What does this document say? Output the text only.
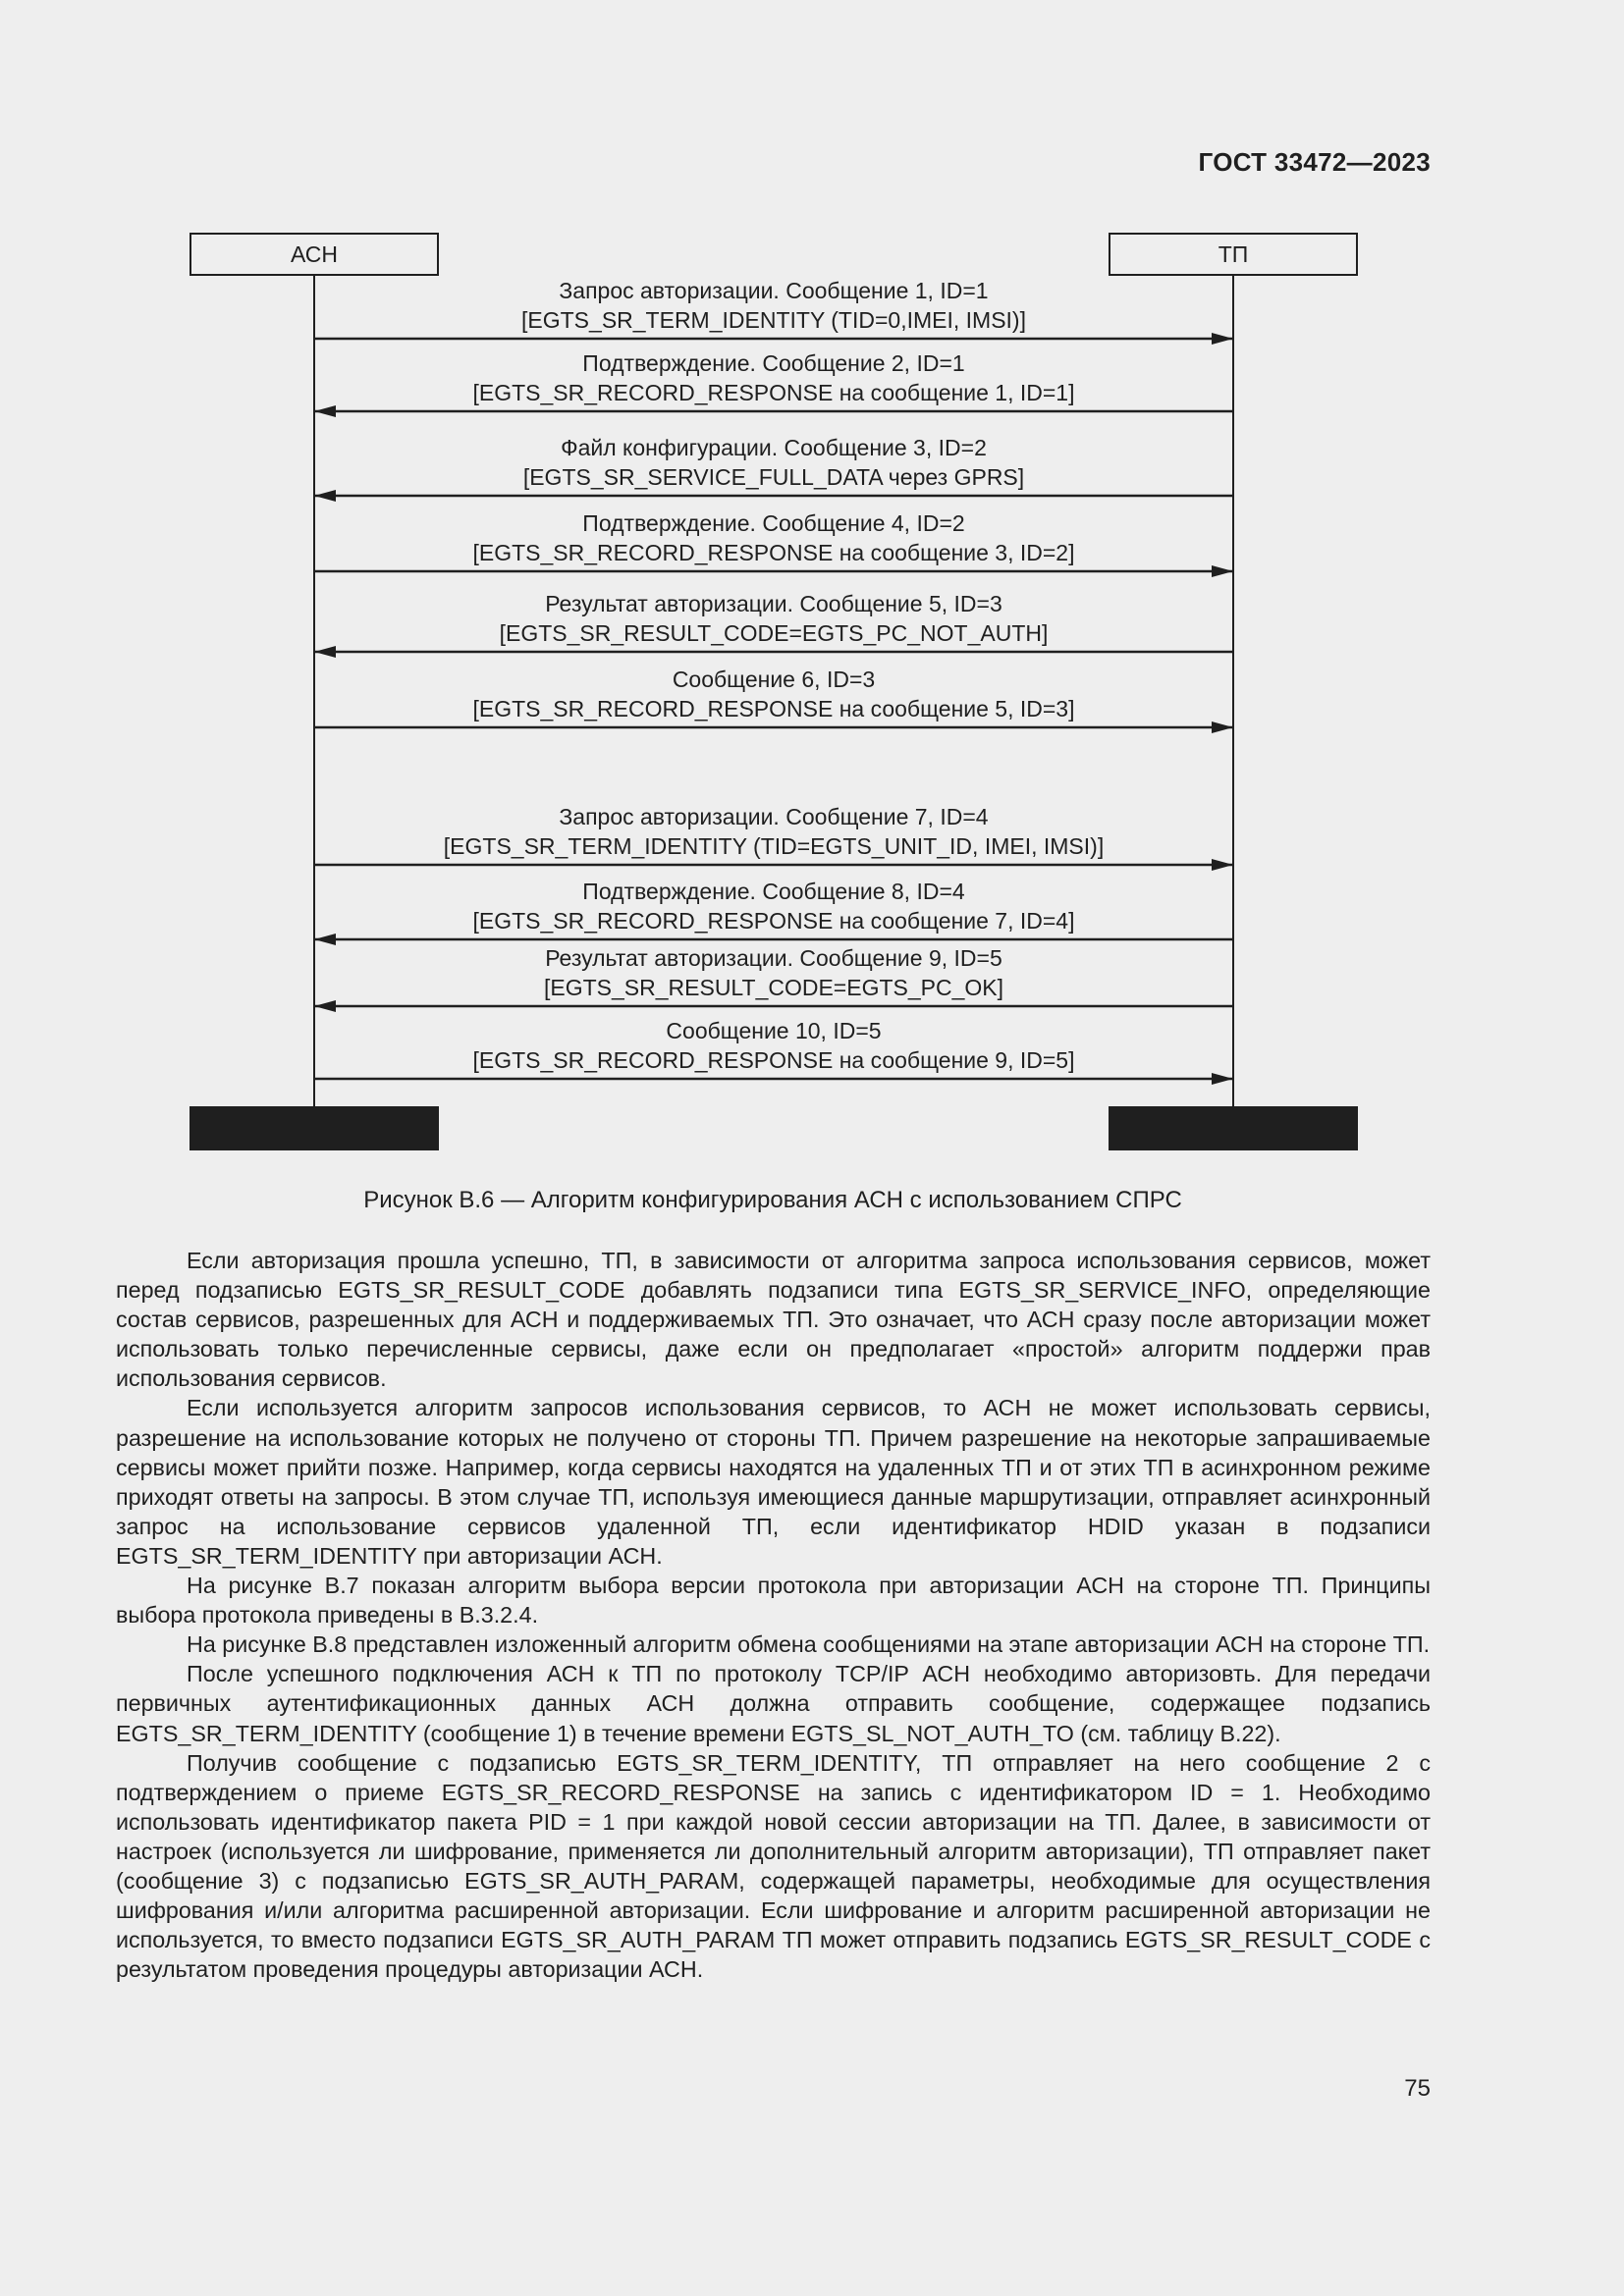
ГОСТ 33472—2023
АСН	ТП
Запрос авторизации. Сообщение 1, ID=1
[EGTS_SR_TERM_IDENTITY (TID=0,IMEI, IMSI)]
Подтверждение. Сообщение 2, ID=1
[EGTS_SR_RECORD_RESPONSE на сообщение 1, ID=1]
Файл конфигурации. Сообщение 3, ID=2
[EGTS_SR_SERVICE_FULL_DATA через GPRS]
Подтверждение. Сообщение 4, ID=2
[EGTS_SR_RECORD_RESPONSE на сообщение 3, ID=2]
Результат авторизации. Сообщение 5, ID=3
[EGTS_SR_RESULT_CODE=EGTS_PC_NOT_AUTH]
Сообщение 6, ID=3
[EGTS_SR_RECORD_RESPONSE на сообщение 5, ID=3]
Запрос авторизации. Сообщение 7, ID=4
[EGTS_SR_TERM_IDENTITY (TID=EGTS_UNIT_ID, IMEI, IMSI)]
Подтверждение. Сообщение 8, ID=4
[EGTS_SR_RECORD_RESPONSE на сообщение 7, ID=4]
Результат авторизации. Сообщение 9, ID=5
[EGTS_SR_RESULT_CODE=EGTS_PC_OK]
Сообщение 10, ID=5
[EGTS_SR_RECORD_RESPONSE на сообщение 9, ID=5]
Рисунок В.6 — Алгоритм конфигурирования АСН с использованием СПРС

Если авторизация прошла успешно, ТП, в зависимости от алгоритма запроса использования сервисов, может перед подзаписью EGTS_SR_RESULT_CODE добавлять подзаписи типа EGTS_SR_SERVICE_INFO, определяющие состав сервисов, разрешенных для АСН и поддерживаемых ТП. Это означает, что АСН сразу после авторизации может использовать только перечисленные сервисы, даже если он предполагает «простой» алгоритм поддержи прав использования сервисов.

Если используется алгоритм запросов использования сервисов, то АСН не может использовать сервисы, разрешение на использование которых не получено от стороны ТП. Причем разрешение на некоторые запрашиваемые сервисы может прийти позже. Например, когда сервисы находятся на удаленных ТП и от этих ТП в асинхронном режиме приходят ответы на запросы. В этом случае ТП, используя имеющиеся данные маршрутизации, отправляет асинхронный запрос на использование сервисов удаленной ТП, если идентификатор HDID указан в подзаписи EGTS_SR_TERM_IDENTITY при авторизации АСН.

На рисунке В.7 показан алгоритм выбора версии протокола при авторизации АСН на стороне ТП. Принципы выбора протокола приведены в В.3.2.4.

На рисунке В.8 представлен изложенный алгоритм обмена сообщениями на этапе авторизации АСН на стороне ТП.

После успешного подключения АСН к ТП по протоколу TCP/IP АСН необходимо авторизовть. Для передачи первичных аутентификационных данных АСН должна отправить сообщение, содержащее подзапись EGTS_SR_TERM_IDENTITY (сообщение 1) в течение времени EGTS_SL_NOT_AUTH_TO (см. таблицу В.22).

Получив сообщение с подзаписью EGTS_SR_TERM_IDENTITY, ТП отправляет на него сообщение 2 с подтверждением о приеме EGTS_SR_RECORD_RESPONSE на запись с идентификатором ID = 1. Необходимо использовать идентификатор пакета PID = 1 при каждой новой сессии авторизации на ТП. Далее, в зависимости от настроек (используется ли шифрование, применяется ли дополнительный алгоритм авторизации), ТП отправляет пакет (сообщение 3) с подзаписью EGTS_SR_AUTH_PARAM, содержащей параметры, необходимые для осуществления шифрования и/или алгоритма расширенной авторизации. Если шифрование и алгоритм расширенной авторизации не используется, то вместо подзаписи EGTS_SR_AUTH_PARAM ТП может отправить подзапись EGTS_SR_RESULT_CODE с результатом проведения процедуры авторизации АСН.

75
